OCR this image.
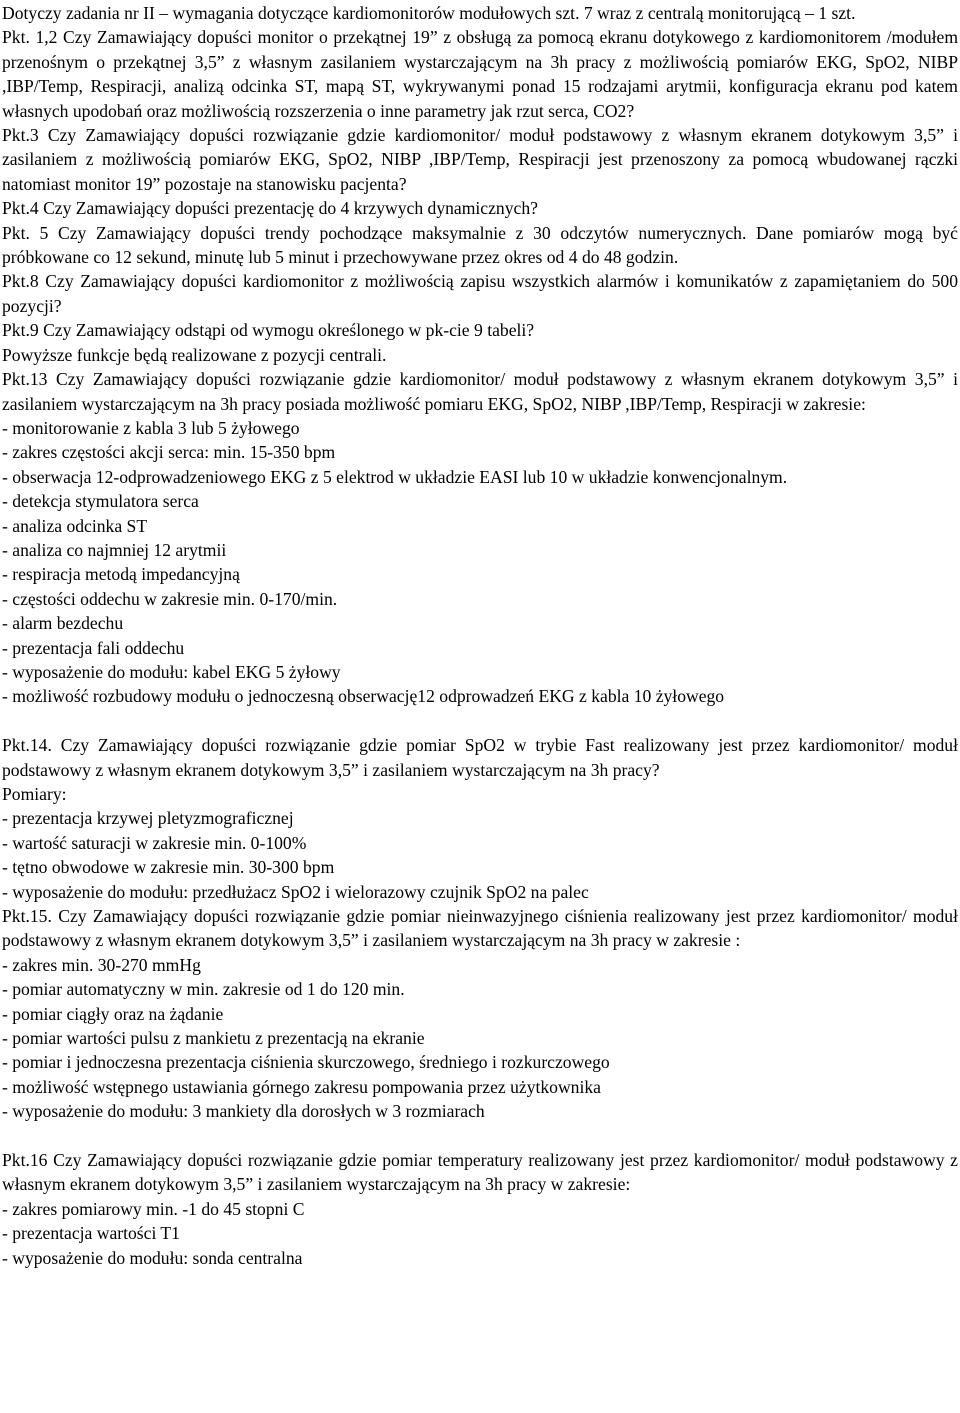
Dotyczy zadania nr II – wymagania dotyczące kardiomonitorów modułowych szt. 7 wraz z centralą monitorującą – 1 szt.

Pkt. 1,2 Czy Zamawiający dopuści monitor o przekątnej 19” z obsługą za pomocą ekranu dotykowego z kardiomonitorem /modułem przenośnym o przekątnej 3,5” z własnym zasilaniem wystarczającym na 3h pracy z możliwością pomiarów EKG, SpO2, NIBP ,IBP/Temp, Respiracji, analizą odcinka ST, mapą ST, wykrywanymi ponad 15 rodzajami arytmii, konfiguracja ekranu pod katem własnych upodobań oraz możliwością rozszerzenia o inne parametry jak rzut serca, CO2?

Pkt.3 Czy Zamawiający dopuści rozwiązanie gdzie kardiomonitor/ moduł podstawowy z własnym ekranem dotykowym 3,5” i zasilaniem z możliwością pomiarów EKG, SpO2, NIBP ,IBP/Temp, Respiracji jest przenoszony za pomocą wbudowanej rączki natomiast monitor 19” pozostaje na stanowisku pacjenta?

Pkt.4 Czy Zamawiający dopuści prezentację do 4 krzywych dynamicznych?

Pkt. 5 Czy Zamawiający dopuści trendy pochodzące maksymalnie z 30 odczytów numerycznych. Dane pomiarów mogą być próbkowane co 12 sekund, minutę lub 5 minut i przechowywane przez okres od 4 do 48 godzin.

Pkt.8 Czy Zamawiający dopuści kardiomonitor z możliwością zapisu wszystkich alarmów i komunikatów z zapamiętaniem do 500 pozycji?

Pkt.9 Czy Zamawiający odstąpi od wymogu określonego w pk-cie 9 tabeli?

Powyższe funkcje będą realizowane z pozycji centrali.

Pkt.13 Czy Zamawiający dopuści rozwiązanie gdzie kardiomonitor/ moduł podstawowy z własnym ekranem dotykowym 3,5” i zasilaniem wystarczającym na 3h pracy posiada możliwość pomiaru EKG, SpO2, NIBP ,IBP/Temp, Respiracji w zakresie:

- monitorowanie z kabla 3 lub 5 żyłowego

- zakres częstości akcji serca: min. 15-350 bpm

- obserwacja 12-odprowadzeniowego EKG z 5 elektrod w układzie EASI lub 10 w układzie konwencjonalnym.

- detekcja stymulatora serca

- analiza odcinka ST

- analiza co najmniej 12 arytmii

- respiracja metodą impedancyjną

- częstości oddechu w zakresie min. 0-170/min.

- alarm bezdechu

- prezentacja fali oddechu

- wyposażenie do modułu: kabel EKG 5 żyłowy

- możliwość rozbudowy modułu o jednoczesną obserwację12 odprowadzeń EKG z kabla 10 żyłowego

Pkt.14. Czy Zamawiający dopuści rozwiązanie gdzie pomiar SpO2 w trybie Fast realizowany jest przez kardiomonitor/ moduł podstawowy z własnym ekranem dotykowym 3,5” i zasilaniem wystarczającym na 3h pracy?

Pomiary:

- prezentacja krzywej pletyzmograficznej

- wartość saturacji w zakresie min. 0-100%

- tętno obwodowe w zakresie min. 30-300 bpm

- wyposażenie do modułu: przedłużacz SpO2 i wielorazowy czujnik SpO2 na palec

Pkt.15. Czy Zamawiający dopuści rozwiązanie gdzie pomiar nieinwazyjnego ciśnienia realizowany jest przez kardiomonitor/ moduł podstawowy z własnym ekranem dotykowym 3,5” i zasilaniem wystarczającym na 3h pracy w zakresie :

- zakres min. 30-270 mmHg

- pomiar automatyczny w min. zakresie od 1 do 120 min.

- pomiar ciągły oraz na żądanie

- pomiar wartości pulsu z mankietu z prezentacją na ekranie

- pomiar i jednoczesna prezentacja ciśnienia skurczowego, średniego i rozkurczowego

- możliwość wstępnego ustawiania górnego zakresu pompowania przez użytkownika

- wyposażenie do modułu: 3 mankiety dla dorosłych w 3 rozmiarach

Pkt.16 Czy Zamawiający dopuści rozwiązanie gdzie pomiar temperatury realizowany jest przez kardiomonitor/ moduł podstawowy z własnym ekranem dotykowym 3,5” i zasilaniem wystarczającym na 3h pracy w zakresie:

- zakres pomiarowy min. -1 do 45 stopni C

- prezentacja wartości T1

- wyposażenie do modułu: sonda centralna
